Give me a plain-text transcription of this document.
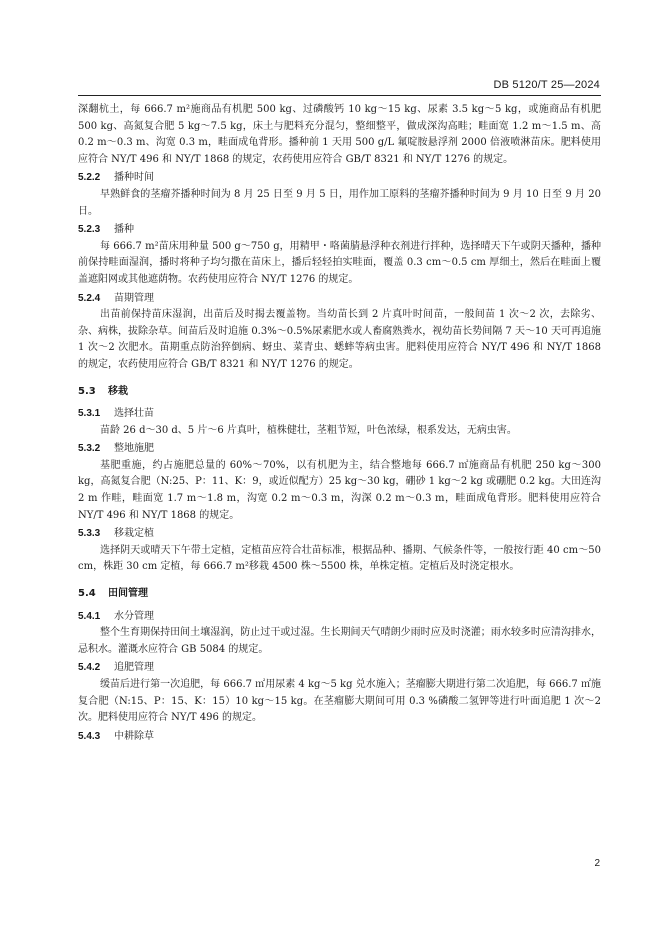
DB 5120/T 25—2024

深翻杭土，每 666.7 m²施商品有机肥 500 kg、过磷酸钙 10 kg～15 kg、尿素 3.5 kg～5 kg，或施商品有机肥 500 kg、高氮复合肥 5 kg～7.5 kg，床土与肥料充分混匀，整细整平，做成深沟高畦；畦面宽 1.2 m～1.5 m、高 0.2 m～0.3 m、沟宽 0.3 m，畦面成龟背形。播种前 1 天用 500 g/L 氟啶胺悬浮剂 2000 倍液喷淋苗床。肥料使用应符合 NY/T 496 和 NY/T 1868 的规定，农药使用应符合 GB/T 8321 和 NY/T 1276 的规定。

5.2.2 播种时间

早熟鲜食的茎瘤芥播种时间为 8 月 25 日至 9 月 5 日，用作加工原料的茎瘤芥播种时间为 9 月 10 日至 9 月 20 日。

5.2.3 播种

每 666.7 m²苗床用种量 500 g～750 g，用精甲・咯菌腈悬浮种衣剂进行拌种，选择晴天下午或阴天播种，播种前保持畦面湿润，播时将种子均匀撒在苗床上，播后轻轻拍实畦面，覆盖 0.3 cm～0.5 cm 厚细土，然后在畦面上覆盖遮阳网或其他遮荫物。农药使用应符合 NY/T 1276 的规定。

5.2.4 苗期管理

出苗前保持苗床湿润，出苗后及时揭去覆盖物。当幼苗长到 2 片真叶时间苗，一般间苗 1 次～2 次，去除劣、杂、病株，拔除杂草。间苗后及时追施 0.3%～0.5%尿素肥水或人畜腐熟粪水，视幼苗长势间隔 7 天～10 天可再追施 1 次～2 次肥水。苗期重点防治猝倒病、蚜虫、菜青虫、蟋蟀等病虫害。肥料使用应符合 NY/T 496 和 NY/T 1868 的规定，农药使用应符合 GB/T 8321 和 NY/T 1276 的规定。

5.3 移栽
5.3.1 选择壮苗

苗龄 26 d～30 d、5 片～6 片真叶，植株健壮，茎粗节短，叶色浓绿，根系发达，无病虫害。

5.3.2 整地施肥

基肥重施，约占施肥总量的 60%～70%，以有机肥为主，结合整地每 666.7 ㎡施商品有机肥 250 kg～300 kg，高氮复合肥（N:25、P：11、K：9，或近似配方）25 kg～30 kg，硼砂 1 kg～2 kg 或硼肥 0.2 kg。大田连沟 2 m 作畦，畦面宽 1.7 m～1.8 m，沟宽 0.2 m～0.3 m，沟深 0.2 m～0.3 m，畦面成龟背形。肥料使用应符合 NY/T 496 和 NY/T 1868 的规定。

5.3.3 移栽定植

选择阴天或晴天下午带土定植，定植苗应符合壮苗标准，根据品种、播期、气候条件等，一般按行距 40 cm～50 cm，株距 30 cm 定植，每 666.7 m²移栽 4500 株～5500 株，单株定植。定植后及时浇定根水。

5.4 田间管理
5.4.1 水分管理

整个生育期保持田间土壤湿润，防止过干或过湿。生长期间天气晴朗少雨时应及时浇灌；雨水较多时应清沟排水，忌积水。灌溉水应符合 GB 5084 的规定。

5.4.2 追肥管理

缓苗后进行第一次追肥，每 666.7 ㎡用尿素 4 kg～5 kg 兑水施入；茎瘤膨大期进行第二次追肥，每 666.7 ㎡施复合肥（N:15、P：15、K：15）10 kg～15 kg。在茎瘤膨大期间可用 0.3 %磷酸二氢钾等进行叶面追肥 1 次～2 次。肥料使用应符合 NY/T 496 的规定。

5.4.3 中耕除草
2
